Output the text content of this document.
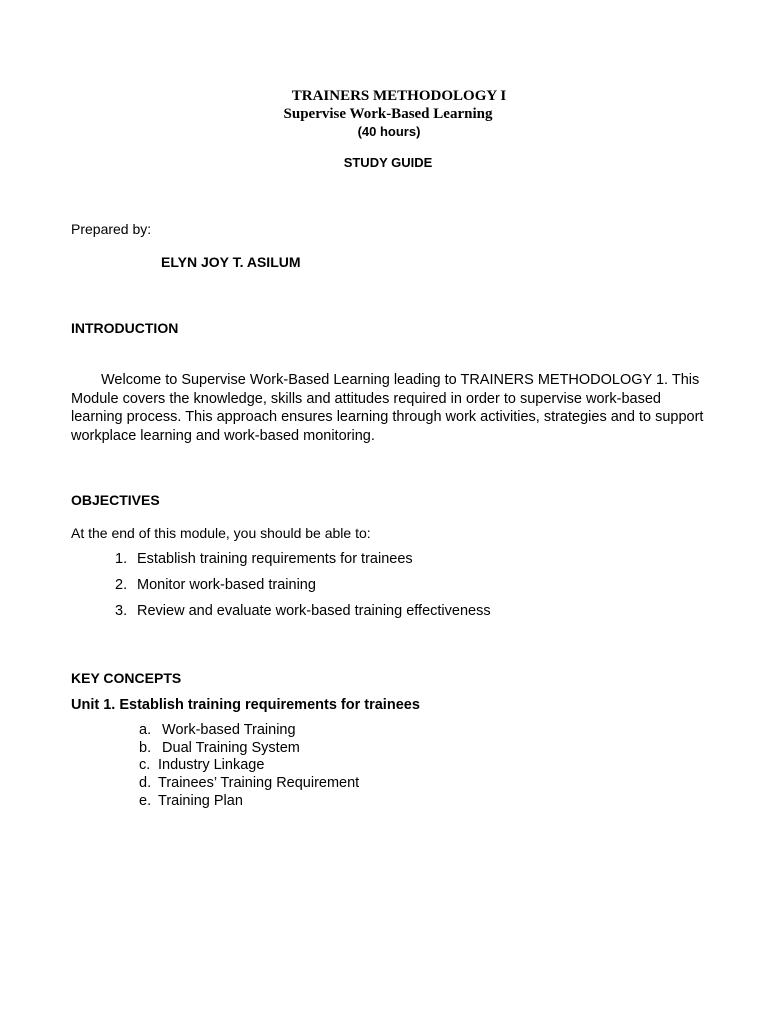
TRAINERS METHODOLOGY I
Supervise Work-Based Learning
(40 hours)
STUDY GUIDE
Prepared by:
ELYN JOY T. ASILUM
INTRODUCTION
Welcome to Supervise Work-Based Learning leading to TRAINERS METHODOLOGY 1. This Module covers the knowledge, skills and attitudes required in order to supervise work-based learning process. This approach ensures learning through work activities, strategies and to support workplace learning and work-based monitoring.
OBJECTIVES
At the end of this module, you should be able to:
1. Establish training requirements for trainees
2. Monitor work-based training
3. Review and evaluate work-based training effectiveness
KEY CONCEPTS
Unit 1. Establish training requirements for trainees
a. Work-based Training
b. Dual Training System
c. Industry Linkage
d. Trainees’ Training Requirement
e. Training Plan
